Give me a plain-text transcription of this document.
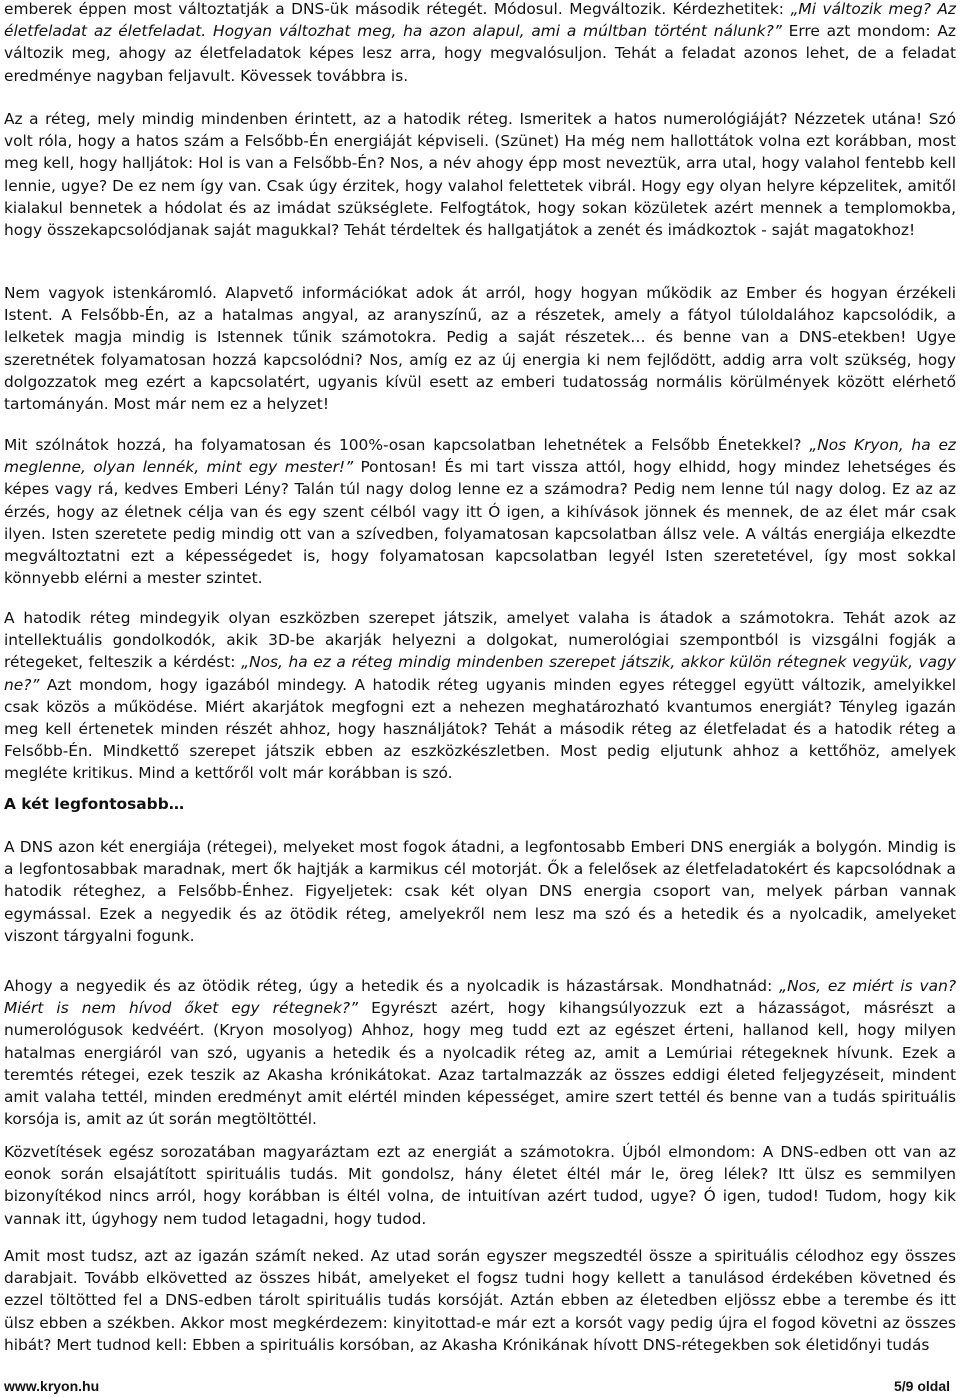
emberek éppen most változtatják a DNS-ük második rétegét. Módosul. Megváltozik. Kérdezhetitek: „Mi változik meg? Az életfeladat az életfeladat. Hogyan változhat meg, ha azon alapul, ami a múltban történt nálunk?” Erre azt mondom: Az változik meg, ahogy az életfeladatok képes lesz arra, hogy megvalósuljon. Tehát a feladat azonos lehet, de a feladat eredménye nagyban feljavult. Kövessek továbbra is.

Az a réteg, mely mindig mindenben érintett, az a hatodik réteg. Ismeritek a hatos numerológiáját? Nézzetek utána! Szó volt róla, hogy a hatos szám a Felsőbb-Én energiáját képviseli. (Szünet) Ha még nem hallottátok volna ezt korábban, most meg kell, hogy halljátok: Hol is van a Felsőbb-Én? Nos, a név ahogy épp most neveztük, arra utal, hogy valahol fentebb kell lennie, ugye? De ez nem így van. Csak úgy érzitek, hogy valahol felettetek vibrál. Hogy egy olyan helyre képzelitek, amitől kialakul bennetek a hódolat és az imádat szükséglete. Felfogtátok, hogy sokan közületek azért mennek a templomokba, hogy összekapcsolódjanak saját magukkal? Tehát térdeltek és hallgatjátok a zenét és imádkoztok - saját magatokhoz!

Nem vagyok istenkáromló. Alapvető információkat adok át arról, hogy hogyan működik az Ember és hogyan érzékeli Istent. A Felsőbb-Én, az a hatalmas angyal, az aranyszínű, az a részetek, amely a fátyol túloldalához kapcsolódik, a lelketek magja mindig is Istennek tűnik számotokra. Pedig a saját részetek… és benne van a DNS-etekben! Ugye szeretnétek folyamatosan hozzá kapcsolódni? Nos, amíg ez az új energia ki nem fejlődött, addig arra volt szükség, hogy dolgozzatok meg ezért a kapcsolatért, ugyanis kívül esett az emberi tudatosság normális körülmények között elérhető tartományán. Most már nem ez a helyzet!

Mit szólnátok hozzá, ha folyamatosan és 100%-osan kapcsolatban lehetnétek a Felsőbb Énetekkel? „Nos Kryon, ha ez meglenne, olyan lennék, mint egy mester!” Pontosan! És mi tart vissza attól, hogy elhidd, hogy mindez lehetséges és képes vagy rá, kedves Emberi Lény? Talán túl nagy dolog lenne ez a számodra? Pedig nem lenne túl nagy dolog. Ez az az érzés, hogy az életnek célja van és egy szent célból vagy itt Ó igen, a kihívások jönnek és mennek, de az élet már csak ilyen. Isten szeretete pedig mindig ott van a szívedben, folyamatosan kapcsolatban állsz vele. A váltás energiája elkezdte megváltoztatni ezt a képességedet is, hogy folyamatosan kapcsolatban legyél Isten szeretetével, így most sokkal könnyebb elérni a mester szintet.

A hatodik réteg mindegyik olyan eszközben szerepet játszik, amelyet valaha is átadok a számotokra. Tehát azok az intellektuális gondolkodók, akik 3D-be akarják helyezni a dolgokat, numerológiai szempontból is vizsgálni fogják a rétegeket, felteszik a kérdést: „Nos, ha ez a réteg mindig mindenben szerepet játszik, akkor külön rétegnek vegyük, vagy ne?” Azt mondom, hogy igazából mindegy. A hatodik réteg ugyanis minden egyes réteggel együtt változik, amelyikkel csak közös a működése. Miért akarjátok megfogni ezt a nehezen meghatározható kvantumos energiát? Tényleg igazán meg kell értenetek minden részét ahhoz, hogy használjátok? Tehát a második réteg az életfeladat és a hatodik réteg a Felsőbb-Én. Mindkettő szerepet játszik ebben az eszközkészletben. Most pedig eljutunk ahhoz a kettőhöz, amelyek megléte kritikus. Mind a kettőről volt már korábban is szó.

A két legfontosabb…

A DNS azon két energiája (rétegei), melyeket most fogok átadni, a legfontosabb Emberi DNS energiák a bolygón. Mindig is a legfontosabbak maradnak, mert ők hajtják a karmikus cél motorját. Ők a felelősek az életfeladatokért és kapcsolódnak a hatodik réteghez, a Felsőbb-Énhez. Figyeljetek: csak két olyan DNS energia csoport van, melyek párban vannak egymással. Ezek a negyedik és az ötödik réteg, amelyekről nem lesz ma szó és a hetedik és a nyolcadik, amelyeket viszont tárgyalni fogunk.

Ahogy a negyedik és az ötödik réteg, úgy a hetedik és a nyolcadik is házastársak. Mondhatnád: „Nos, ez miért is van? Miért is nem hívod őket egy rétegnek?” Egyrészt azért, hogy kihangsúlyozzuk ezt a házasságot, másrészt a numerológusok kedvéért. (Kryon mosolyog) Ahhoz, hogy meg tudd ezt az egészet érteni, hallanod kell, hogy milyen hatalmas energiáról van szó, ugyanis a hetedik és a nyolcadik réteg az, amit a Lemúriai rétegeknek hívunk. Ezek a teremtés rétegei, ezek teszik az Akasha krónikátokat. Azaz tartalmazzák az összes eddigi életed feljegyzéseit, mindent amit valaha tettél, minden eredményt amit elértél minden képességet, amire szert tettél és benne van a tudás spirituális korsója is, amit az út során megtöltöttél.

Közvetítések egész sorozatában magyaráztam ezt az energiát a számotokra. Újból elmondom: A DNS-edben ott van az eonok során elsajátított spirituális tudás. Mit gondolsz, hány életet éltél már le, öreg lélek? Itt ülsz es semmilyen bizonyítékod nincs arról, hogy korábban is éltél volna, de intuitívan azért tudod, ugye? Ó igen, tudod! Tudom, hogy kik vannak itt, úgyhogy nem tudod letagadni, hogy tudod.

Amit most tudsz, azt az igazán számít neked. Az utad során egyszer megszedtél össze a spirituális célodhoz egy összes darabjait. Tovább elkövetted az összes hibát, amelyeket el fogsz tudni hogy kellett a tanulásod érdekében követned és ezzel töltötted fel a DNS-edben tárolt spirituális tudás korsóját. Aztán ebben az életedben eljössz ebbe a terembe és itt ülsz ebben a székben. Akkor most megkérdezem: kinyitottad-e már ezt a korsót vagy pedig újra el fogod követni az összes hibát? Mert tudnod kell: Ebben a spirituális korsóban, az Akasha Krónikának hívott DNS-rétegekben sok életidőnyi tudás

www.kryon.hu	5/9 oldal
